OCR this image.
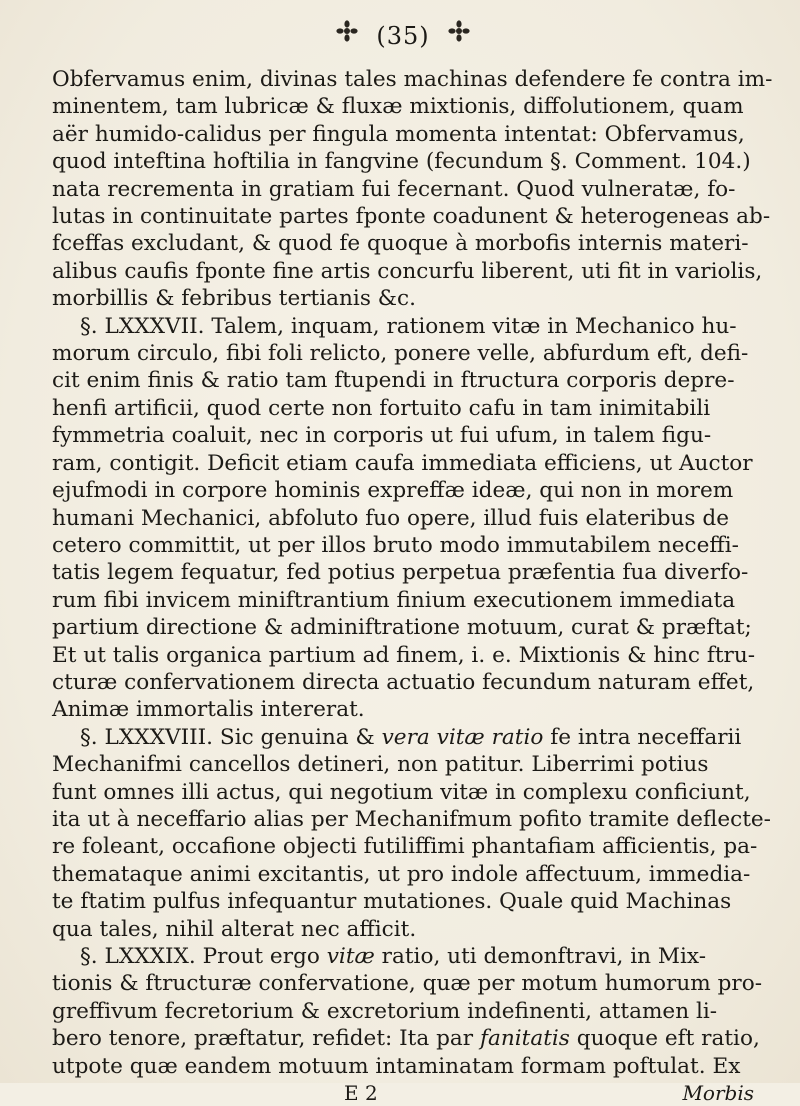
(35)

Obfervamus enim, divinas tales machinas defendere fe contra im-
minentem, tam lubricæ & fluxæ mixtionis, diffolutionem, quam
aër humido-calidus per fingula momenta intentat: Obfervamus,
quod inteftina hoftilia in fangvine (fecundum §. Comment. 104.)
nata recrementa in gratiam fui fecernant. Quod vulneratæ, fo-
lutas in continuitate partes fponte coadunent & heterogeneas ab-
fceffas excludant, & quod fe quoque à morbofis internis materi-
alibus caufis fponte fine artis concurfu liberent, uti fit in variolis,
morbillis & febribus tertianis &c.

§. LXXXVII. Talem, inquam, rationem vitæ in Mechanico hu-
morum circulo, fibi foli relicto, ponere velle, abfurdum eft, defi-
cit enim finis & ratio tam ftupendi in ftructura corporis depre-
henfi artificii, quod certe non fortuito cafu in tam inimitabili
fymmetria coaluit, nec in corporis ut fui ufum, in talem figu-
ram, contigit. Deficit etiam caufa immediata efficiens, ut Auctor
ejufmodi in corpore hominis expreffæ ideæ, qui non in morem
humani Mechanici, abfoluto fuo opere, illud fuis elateribus de
cetero committit, ut per illos bruto modo immutabilem neceffi-
tatis legem fequatur, fed potius perpetua præfentia fua diverfo-
rum fibi invicem miniftrantium finium executionem immediata
partium directione & adminiftratione motuum, curat & præftat;
Et ut talis organica partium ad finem, i. e. Mixtionis & hinc ftru-
cturæ confervationem directa actuatio fecundum naturam effet,
Animæ immortalis intererat.

§. LXXXVIII. Sic genuina & vera vitæ ratio fe intra neceffarii
Mechanifmi cancellos detineri, non patitur. Liberrimi potius
funt omnes illi actus, qui negotium vitæ in complexu conficiunt,
ita ut à neceffario alias per Mechanifmum pofito tramite deflecte-
re foleant, occafione objecti futiliffimi phantafiam afficientis, pa-
themataque animi excitantis, ut pro indole affectuum, immedia-
te ftatim pulfus infequantur mutationes. Quale quid Machinas
qua tales, nihil alterat nec afficit.

§. LXXXIX. Prout ergo vitæ ratio, uti demonftravi, in Mix-
tionis & ftructuræ confervatione, quæ per motum humorum pro-
greffivum fecretorium & excretorium indefinenti, attamen li-
bero tenore, præftatur, refidet: Ita par fanitatis quoque eft ratio,
utpote quæ eandem motuum intaminatam formam poftulat. Ex

E 2	Morbis
